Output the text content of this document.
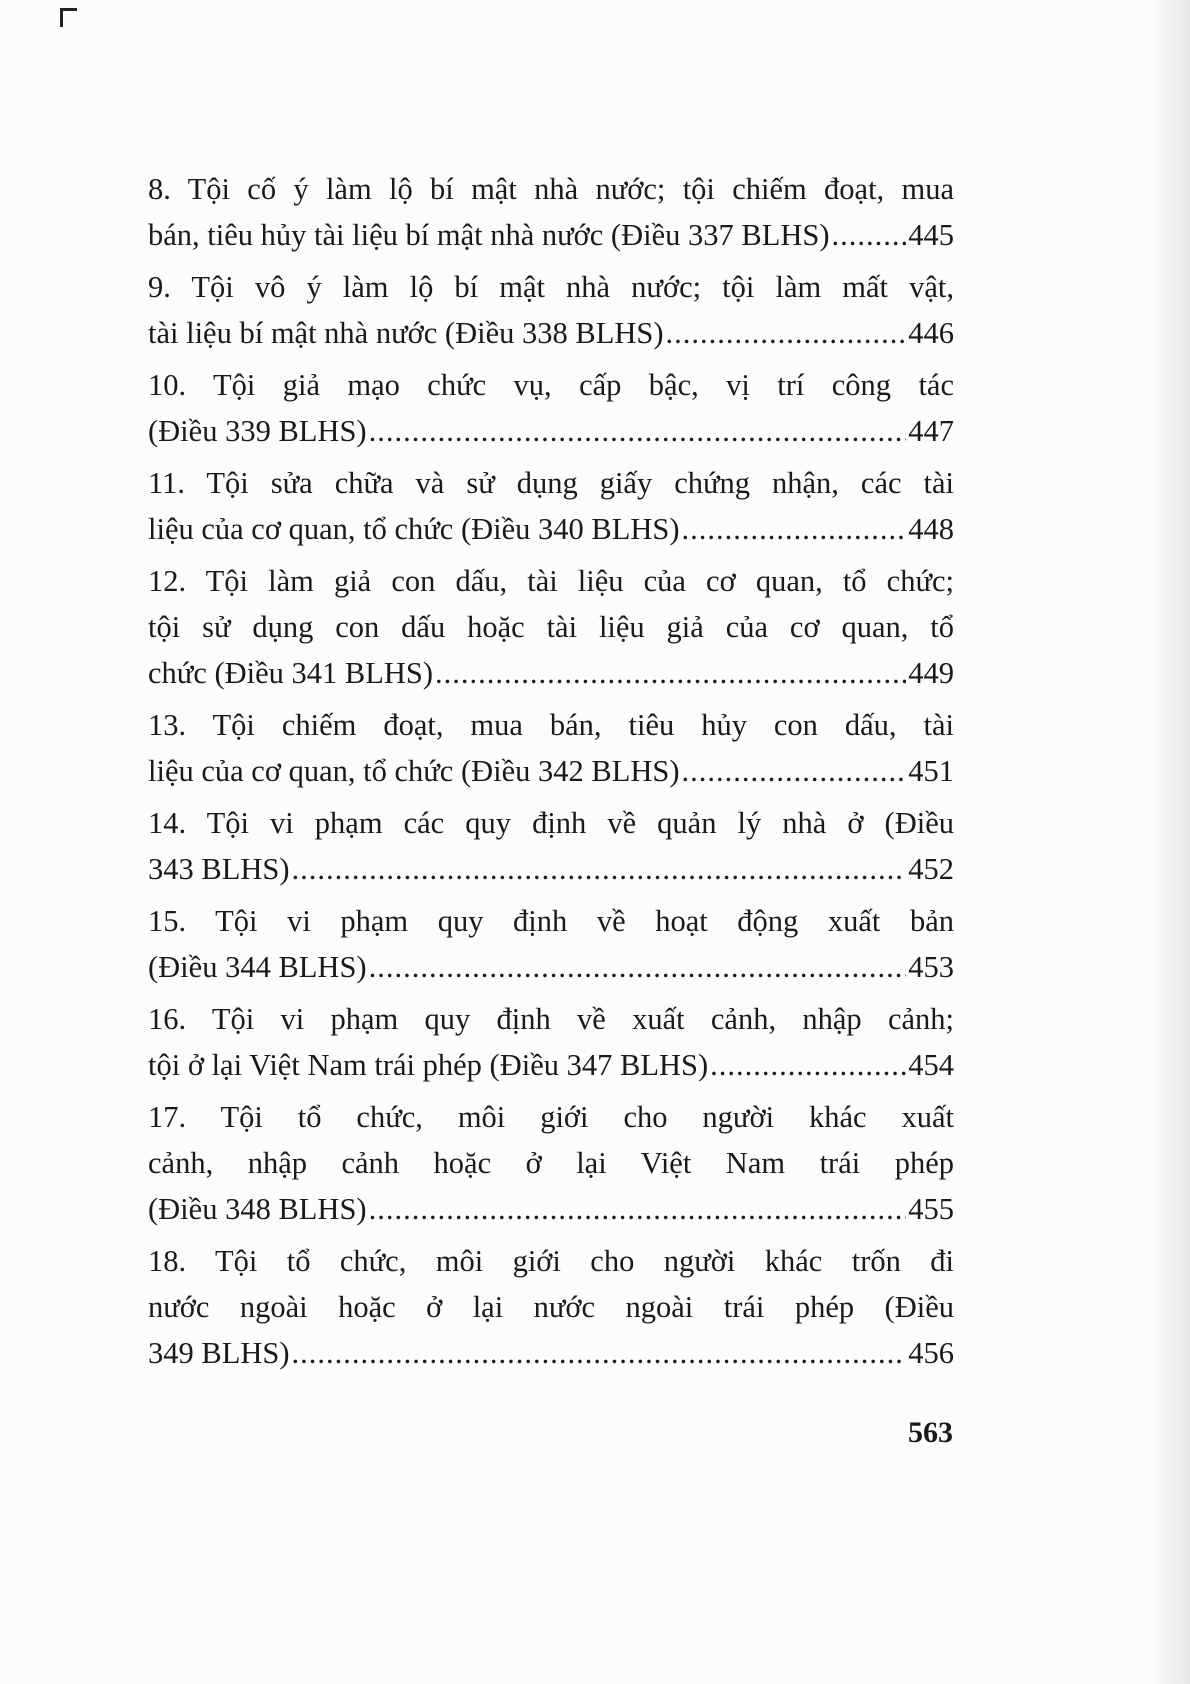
8. Tội cố ý làm lộ bí mật nhà nước; tội chiếm đoạt, mua
bán, tiêu hủy tài liệu bí mật nhà nước (Điều 337 BLHS) .....	445
9. Tội vô ý làm lộ bí mật nhà nước; tội làm mất vật,
tài liệu bí mật nhà nước (Điều 338 BLHS) .....	446
10. Tội giả mạo chức vụ, cấp bậc, vị trí công tác
(Điều 339 BLHS) .....	447
11. Tội sửa chữa và sử dụng giấy chứng nhận, các tài
liệu của cơ quan, tổ chức (Điều 340 BLHS) .....	448
12. Tội làm giả con dấu, tài liệu của cơ quan, tổ chức;
tội sử dụng con dấu hoặc tài liệu giả của cơ quan, tổ
chức (Điều 341 BLHS) .....	449
13. Tội chiếm đoạt, mua bán, tiêu hủy con dấu, tài
liệu của cơ quan, tổ chức (Điều 342 BLHS) .....	451
14. Tội vi phạm các quy định về quản lý nhà ở (Điều
343 BLHS) .....	452
15. Tội vi phạm quy định về hoạt động xuất bản
(Điều 344 BLHS) .....	453
16. Tội vi phạm quy định về xuất cảnh, nhập cảnh;
tội ở lại Việt Nam trái phép (Điều 347 BLHS) .....	454
17. Tội tổ chức, môi giới cho người khác xuất
cảnh, nhập cảnh hoặc ở lại Việt Nam trái phép
(Điều 348 BLHS) .....	455
18. Tội tổ chức, môi giới cho người khác trốn đi
nước ngoài hoặc ở lại nước ngoài trái phép (Điều
349 BLHS) .....	456
563
